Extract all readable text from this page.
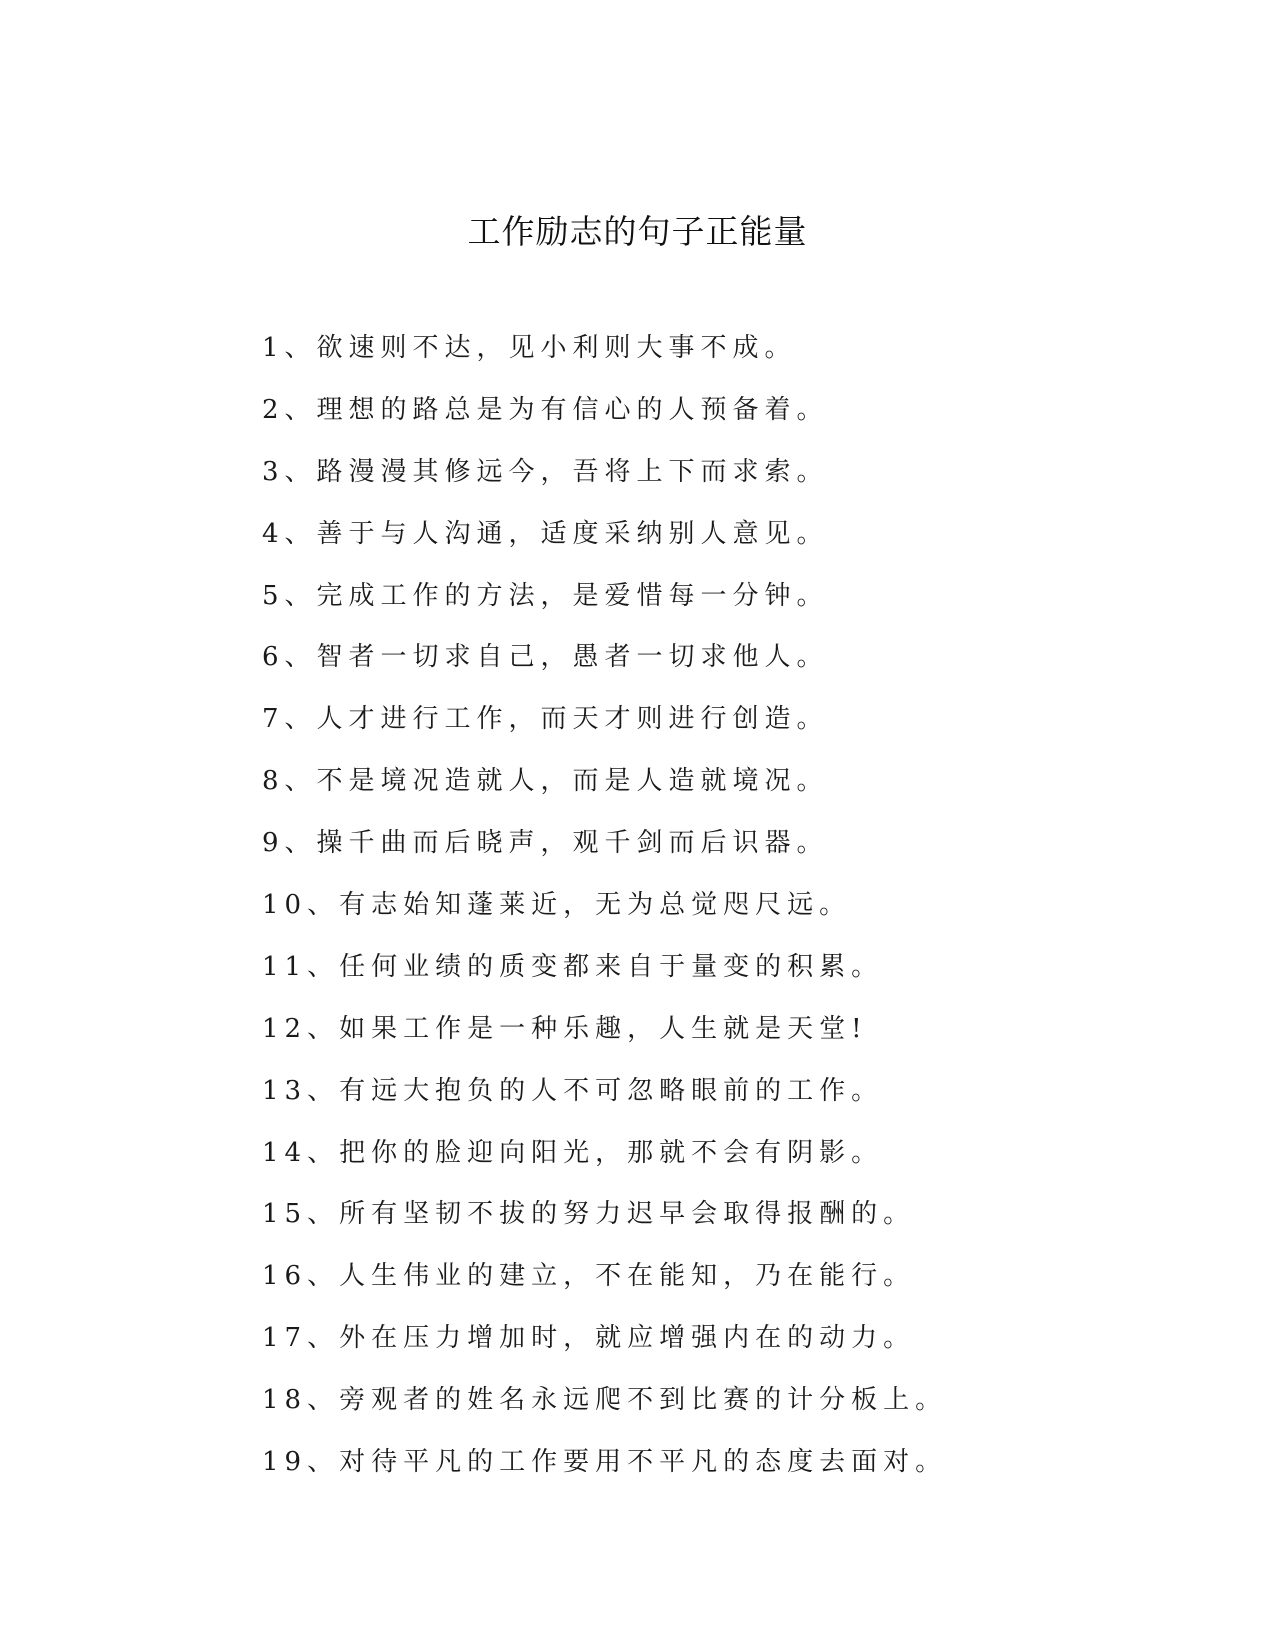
工作励志的句子正能量
1、欲速则不达，见小利则大事不成。
2、理想的路总是为有信心的人预备着。
3、路漫漫其修远今，吾将上下而求索。
4、善于与人沟通，适度采纳别人意见。
5、完成工作的方法，是爱惜每一分钟。
6、智者一切求自己，愚者一切求他人。
7、人才进行工作，而天才则进行创造。
8、不是境况造就人，而是人造就境况。
9、操千曲而后晓声，观千剑而后识器。
10、有志始知蓬莱近，无为总觉咫尺远。
11、任何业绩的质变都来自于量变的积累。
12、如果工作是一种乐趣，人生就是天堂!
13、有远大抱负的人不可忽略眼前的工作。
14、把你的脸迎向阳光，那就不会有阴影。
15、所有坚韧不拔的努力迟早会取得报酬的。
16、人生伟业的建立，不在能知，乃在能行。
17、外在压力增加时，就应增强内在的动力。
18、旁观者的姓名永远爬不到比赛的计分板上。
19、对待平凡的工作要用不平凡的态度去面对。
